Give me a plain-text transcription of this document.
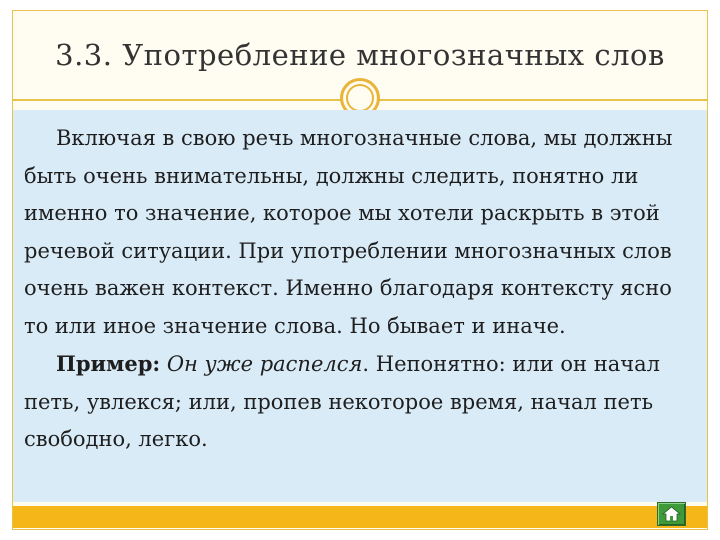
3.3. Употребление многозначных слов

Включая в свою речь многозначные слова, мы должны быть очень внимательны, должны следить, понятно ли именно то значение, которое мы хотели раскрыть в этой речевой ситуации. При употреблении многозначных слов очень важен контекст. Именно благодаря контексту ясно то или иное значение слова. Но бывает и иначе.
Пример: Он уже распелся. Непонятно: или он начал петь, увлекся; или, пропев некоторое время, начал петь свободно, легко.
